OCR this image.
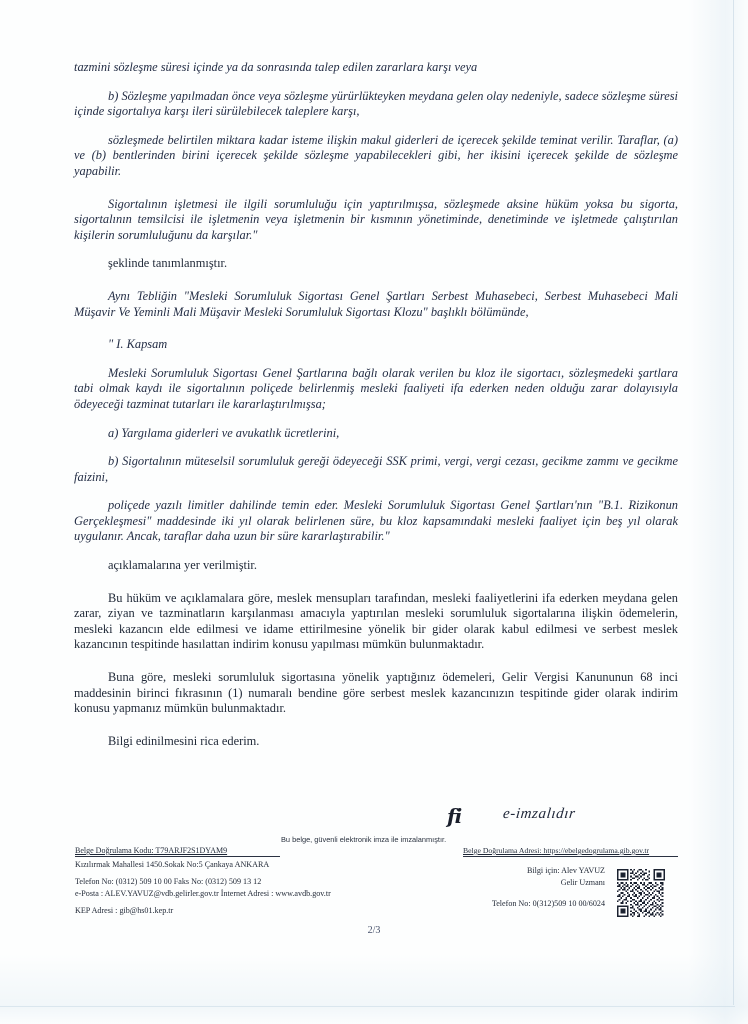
tazmini sözleşme süresi içinde ya da sonrasında talep edilen zararlara karşı veya

b) Sözleşme yapılmadan önce veya sözleşme yürürlükteyken meydana gelen olay nedeniyle, sadece sözleşme süresi içinde sigortalıya karşı ileri sürülebilecek taleplere karşı,

sözleşmede belirtilen miktara kadar isteme ilişkin makul giderleri de içerecek şekilde teminat verilir. Taraflar, (a) ve (b) bentlerinden birini içerecek şekilde sözleşme yapabilecekleri gibi, her ikisini içerecek şekilde de sözleşme yapabilir.

Sigortalının işletmesi ile ilgili sorumluluğu için yaptırılmışsa, sözleşmede aksine hüküm yoksa bu sigorta, sigortalının temsilcisi ile işletmenin veya işletmenin bir kısmının yönetiminde, denetiminde ve işletmede çalıştırılan kişilerin sorumluluğunu da karşılar."

şeklinde tanımlanmıştır.

Aynı Tebliğin "Mesleki Sorumluluk Sigortası Genel Şartları Serbest Muhasebeci, Serbest Muhasebeci Mali Müşavir Ve Yeminli Mali Müşavir Mesleki Sorumluluk Sigortası Klozu" başlıklı bölümünde,

" I. Kapsam

Mesleki Sorumluluk Sigortası Genel Şartlarına bağlı olarak verilen bu kloz ile sigortacı, sözleşmedeki şartlara tabi olmak kaydı ile sigortalının poliçede belirlenmiş mesleki faaliyeti ifa ederken neden olduğu zarar dolayısıyla ödeyeceği tazminat tutarları ile kararlaştırılmışsa;

a) Yargılama giderleri ve avukatlık ücretlerini,

b) Sigortalının müteselsil sorumluluk gereği ödeyeceği SSK primi, vergi, vergi cezası, gecikme zammı ve gecikme faizini,

poliçede yazılı limitler dahilinde temin eder. Mesleki Sorumluluk Sigortası Genel Şartları'nın "B.1. Rizikonun Gerçekleşmesi" maddesinde iki yıl olarak belirlenen süre, bu kloz kapsamındaki mesleki faaliyet için beş yıl olarak uygulanır. Ancak, taraflar daha uzun bir süre kararlaştırabilir."

açıklamalarına yer verilmiştir.

Bu hüküm ve açıklamalara göre, meslek mensupları tarafından, mesleki faaliyetlerini ifa ederken meydana gelen zarar, ziyan ve tazminatların karşılanması amacıyla yaptırılan mesleki sorumluluk sigortalarına ilişkin ödemelerin, mesleki kazancın elde edilmesi ve idame ettirilmesine yönelik bir gider olarak kabul edilmesi ve serbest meslek kazancının tespitinde hasılattan indirim konusu yapılması mümkün bulunmaktadır.

Buna göre, mesleki sorumluluk sigortasına yönelik yaptığınız ödemeleri, Gelir Vergisi Kanununun 68 inci maddesinin birinci fıkrasının (1) numaralı bendine göre serbest meslek kazancınızın tespitinde gider olarak indirim konusu yapmanız mümkün bulunmaktadır.

Bilgi edinilmesini rica ederim.

fi	e-imzalıdır
Bu belge, güvenli elektronik imza ile imzalanmıştır.
Belge Doğrulama Kodu: T79ARJF2S1DYAM9	Belge Doğrulama Adresi: https://ebelgedogrulama.gib.gov.tr
Kızılırmak Mahallesi 1450.Sokak No:5 Çankaya ANKARA
Telefon No: (0312) 509 10 00 Faks No: (0312) 509 13 12
e-Posta : ALEV.YAVUZ@vdb.gelirler.gov.tr İnternet Adresi : www.avdb.gov.tr
KEP Adresi : gib@hs01.kep.tr
Bilgi için: Alev YAVUZ
Gelir Uzmanı
Telefon No: 0(312)509 10 00/6024
2/3
